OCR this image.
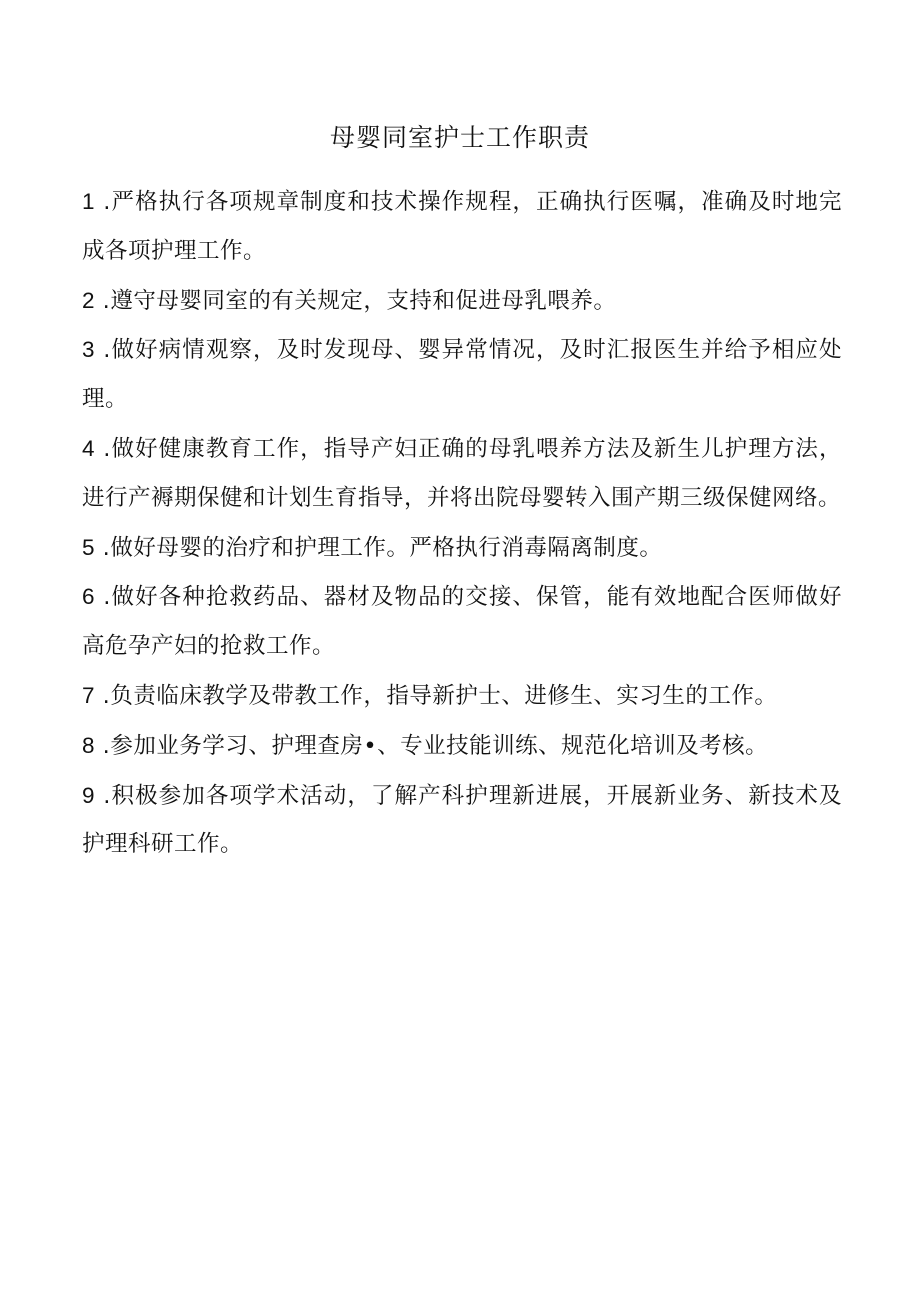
母婴同室护士工作职责
1 .严格执行各项规章制度和技术操作规程，正确执行医嘱，准确及时地完成各项护理工作。
2 .遵守母婴同室的有关规定，支持和促进母乳喂养。
3 .做好病情观察，及时发现母、婴异常情况，及时汇报医生并给予相应处理。
4 .做好健康教育工作，指导产妇正确的母乳喂养方法及新生儿护理方法，进行产褥期保健和计划生育指导，并将出院母婴转入围产期三级保健网络。
5 .做好母婴的治疗和护理工作。严格执行消毒隔离制度。
6 .做好各种抢救药品、器材及物品的交接、保管，能有效地配合医师做好高危孕产妇的抢救工作。
7 .负责临床教学及带教工作，指导新护士、进修生、实习生的工作。
8 .参加业务学习、护理查房•、专业技能训练、规范化培训及考核。
9 .积极参加各项学术活动，了解产科护理新进展，开展新业务、新技术及护理科研工作。
